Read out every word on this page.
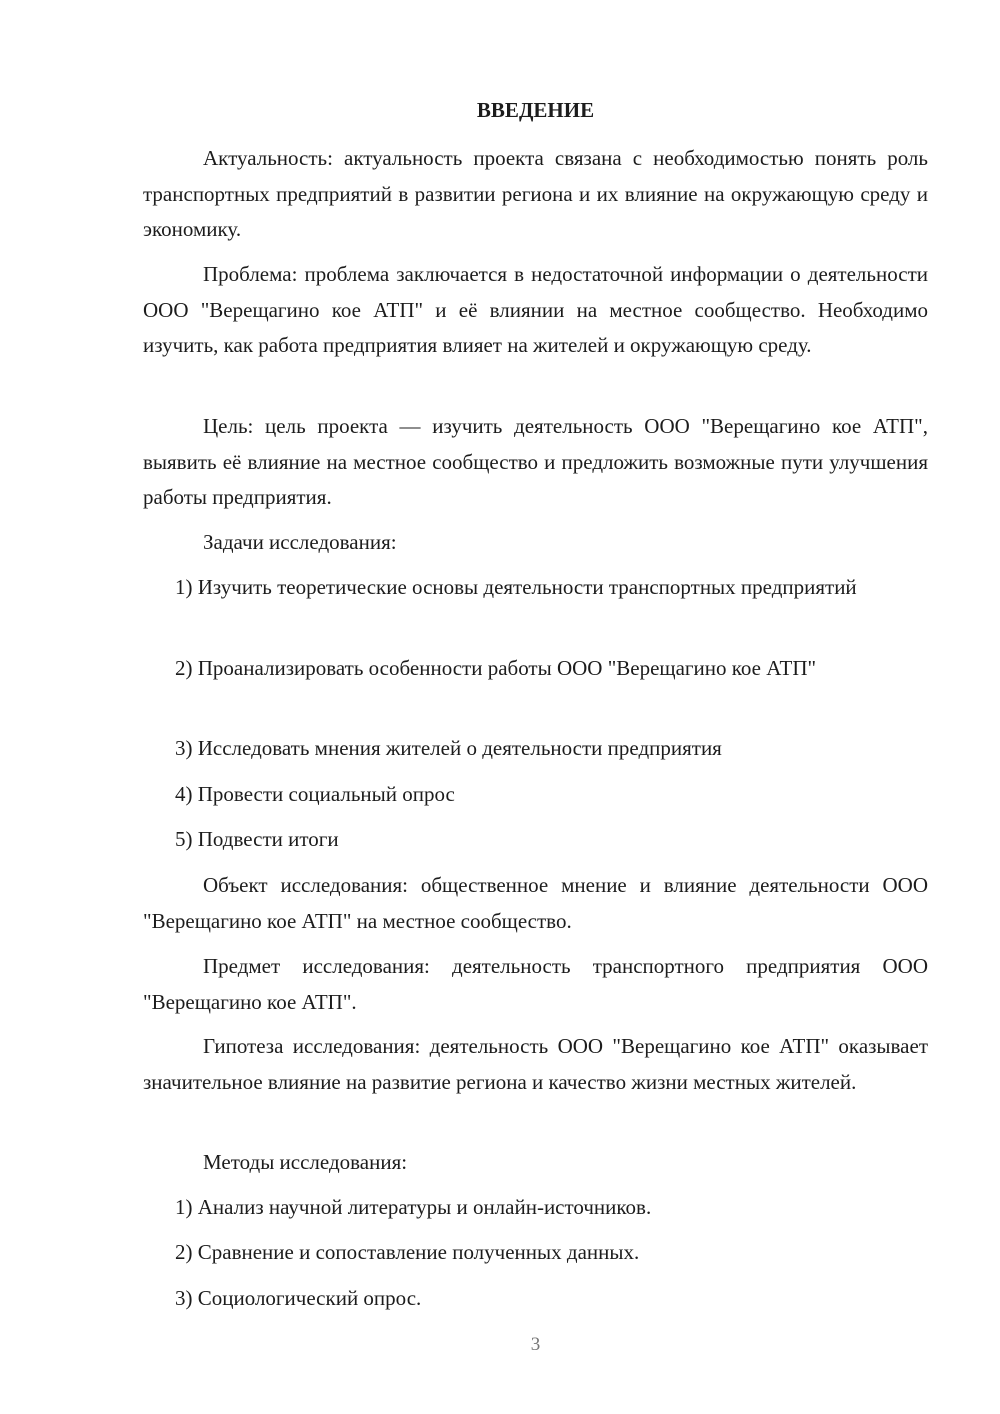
ВВЕДЕНИЕ

Актуальность: актуальность проекта связана с необходимостью понять роль транспортных предприятий в развитии региона и их влияние на окружающую среду и экономику.

Проблема: проблема заключается в недостаточной информации о деятельности ООО "Верещагино кое АТП" и её влиянии на местное сообщество. Необходимо изучить, как работа предприятия влияет на жителей и окружающую среду.

Цель: цель проекта — изучить деятельность ООО "Верещагино кое АТП", выявить её влияние на местное сообщество и предложить возможные пути улучшения работы предприятия.

Задачи исследования:

1) Изучить теоретические основы деятельности транспортных предприятий

2) Проанализировать особенности работы ООО "Верещагино кое АТП"

3) Исследовать мнения жителей о деятельности предприятия

4) Провести социальный опрос

5) Подвести итоги

Объект исследования: общественное мнение и влияние деятельности ООО "Верещагино кое АТП" на местное сообщество.

Предмет исследования: деятельность транспортного предприятия ООО "Верещагино кое АТП".

Гипотеза исследования: деятельность ООО "Верещагино кое АТП" оказывает значительное влияние на развитие региона и качество жизни местных жителей.

Методы исследования:

1) Анализ научной литературы и онлайн-источников.

2) Сравнение и сопоставление полученных данных.

3) Социологический опрос.

3
